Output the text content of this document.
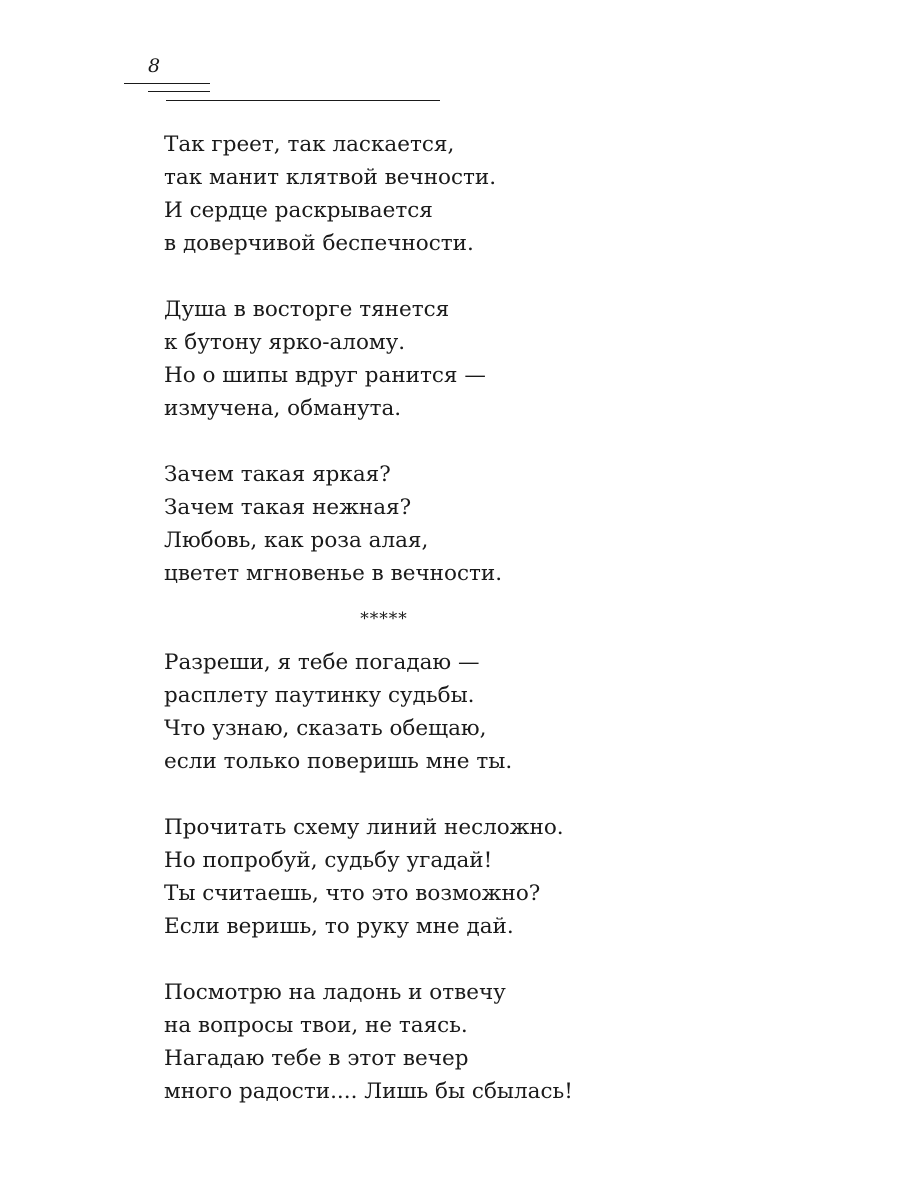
8
Так греет, так ласкается,
так манит клятвой вечности.
И сердце раскрывается
в доверчивой беспечности.
Душа в восторге тянется
к бутону ярко-алому.
Но о шипы вдруг ранится —
измучена, обманута.
Зачем такая яркая?
Зачем такая нежная?
Любовь, как роза алая,
цветет мгновенье в вечности.
*****
Разреши, я тебе погадаю —
расплету паутинку судьбы.
Что узнаю, сказать обещаю,
если только поверишь мне ты.
Прочитать схему линий несложно.
Но попробуй, судьбу угадай!
Ты считаешь, что это возможно?
Если веришь, то руку мне дай.
Посмотрю на ладонь и отвечу
на вопросы твои, не таясь.
Нагадаю тебе в этот вечер
много радости.... Лишь бы сбылась!
